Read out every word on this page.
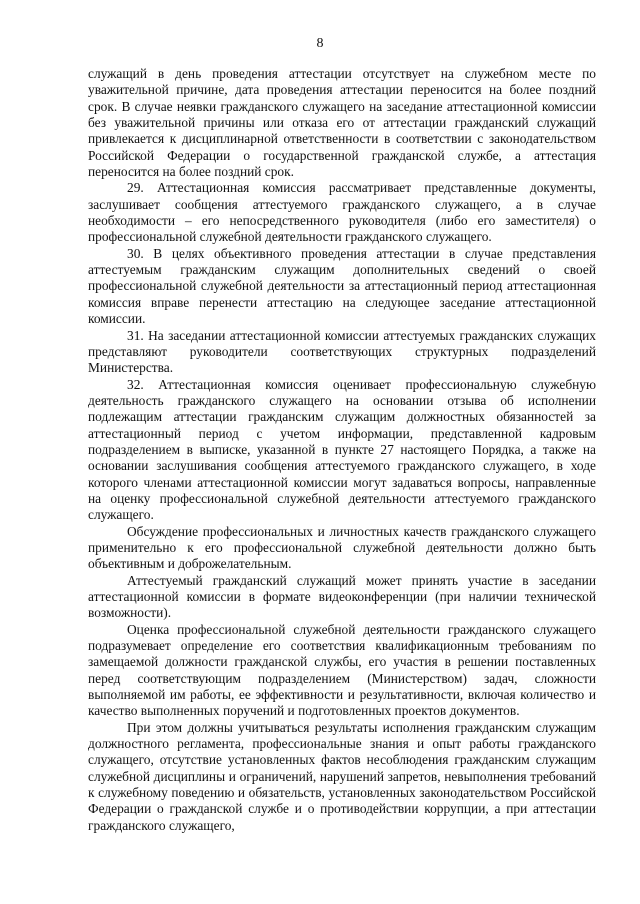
8

служащий в день проведения аттестации отсутствует на служебном месте по уважительной причине, дата проведения аттестации переносится на более поздний срок. В случае неявки гражданского служащего на заседание аттестационной комиссии без уважительной причины или отказа его от аттестации гражданский служащий привлекается к дисциплинарной ответственности в соответствии с законодательством Российской Федерации о государственной гражданской службе, а аттестация переносится на более поздний срок.

29. Аттестационная комиссия рассматривает представленные документы, заслушивает сообщения аттестуемого гражданского служащего, а в случае необходимости – его непосредственного руководителя (либо его заместителя) о профессиональной служебной деятельности гражданского служащего.

30. В целях объективного проведения аттестации в случае представления аттестуемым гражданским служащим дополнительных сведений о своей профессиональной служебной деятельности за аттестационный период аттестационная комиссия вправе перенести аттестацию на следующее заседание аттестационной комиссии.

31. На заседании аттестационной комиссии аттестуемых гражданских служащих представляют руководители соответствующих структурных подразделений Министерства.

32. Аттестационная комиссия оценивает профессиональную служебную деятельность гражданского служащего на основании отзыва об исполнении подлежащим аттестации гражданским служащим должностных обязанностей за аттестационный период с учетом информации, представленной кадровым подразделением в выписке, указанной в пункте 27 настоящего Порядка, а также на основании заслушивания сообщения аттестуемого гражданского служащего, в ходе которого членами аттестационной комиссии могут задаваться вопросы, направленные на оценку профессиональной служебной деятельности аттестуемого гражданского служащего.

Обсуждение профессиональных и личностных качеств гражданского служащего применительно к его профессиональной служебной деятельности должно быть объективным и доброжелательным.

Аттестуемый гражданский служащий может принять участие в заседании аттестационной комиссии в формате видеоконференции (при наличии технической возможности).

Оценка профессиональной служебной деятельности гражданского служащего подразумевает определение его соответствия квалификационным требованиям по замещаемой должности гражданской службы, его участия в решении поставленных перед соответствующим подразделением (Министерством) задач, сложности выполняемой им работы, ее эффективности и результативности, включая количество и качество выполненных поручений и подготовленных проектов документов.

При этом должны учитываться результаты исполнения гражданским служащим должностного регламента, профессиональные знания и опыт работы гражданского служащего, отсутствие установленных фактов несоблюдения гражданским служащим служебной дисциплины и ограничений, нарушений запретов, невыполнения требований к служебному поведению и обязательств, установленных законодательством Российской Федерации о гражданской службе и о противодействии коррупции, а при аттестации гражданского служащего,
